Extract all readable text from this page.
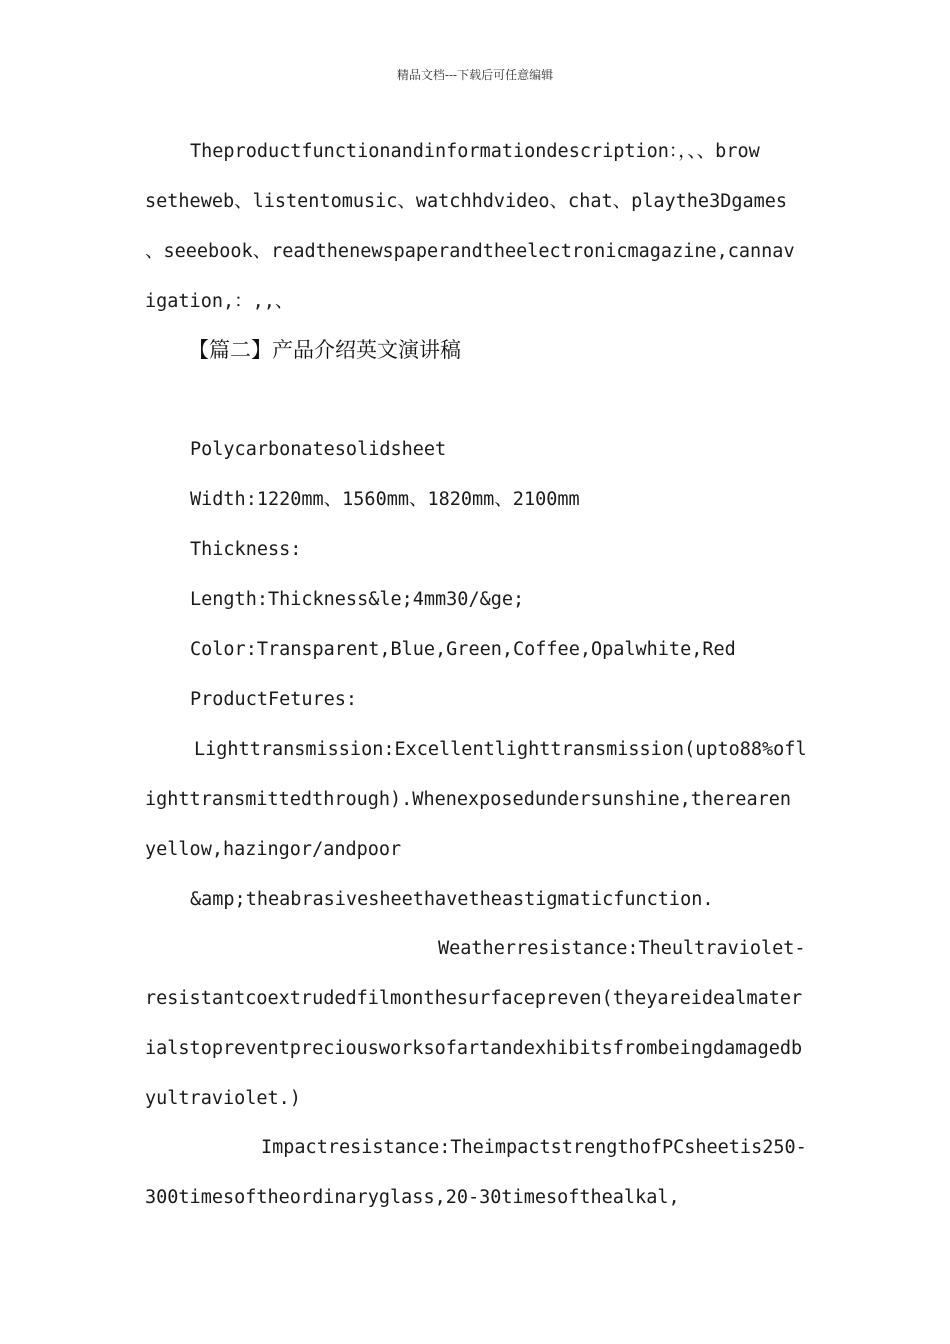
精品文档---下载后可任意编辑
Theproductfunctionandinformationdescription：，、、brow
setheweb、listentomusic、watchhdvideo、chat、playthe3Dgames
、seeebook、readthenewspaperandtheelectronicmagazine,cannav
igation,：,,、
【篇二】产品介绍英文演讲稿
Polycarbonatesolidsheet
Width:1220mm、1560mm、1820mm、2100mm
Thickness:
Length:Thickness&le;4mm30/&ge;
Color:Transparent,Blue,Green,Coffee,Opalwhite,Red
ProductFetures:
Lighttransmission:Excellentlighttransmission(upto88%ofl
ighttransmittedthrough).Whenexposedundersunshine,therearen
yellow,hazingor/andpoor
&amp;theabrasivesheethavetheastigmaticfunction.
Weatherresistance:Theultraviolet-
resistantcoextrudedfilmonthesurfacepreven(theyareidealmater
ialstopreventpreciousworksofartandexhibitsfrombeingdamagedb
yultraviolet.)
Impactresistance:TheimpactstrengthofPCsheetis250-
300timesoftheordinaryglass,20-30timesofthealkal,
